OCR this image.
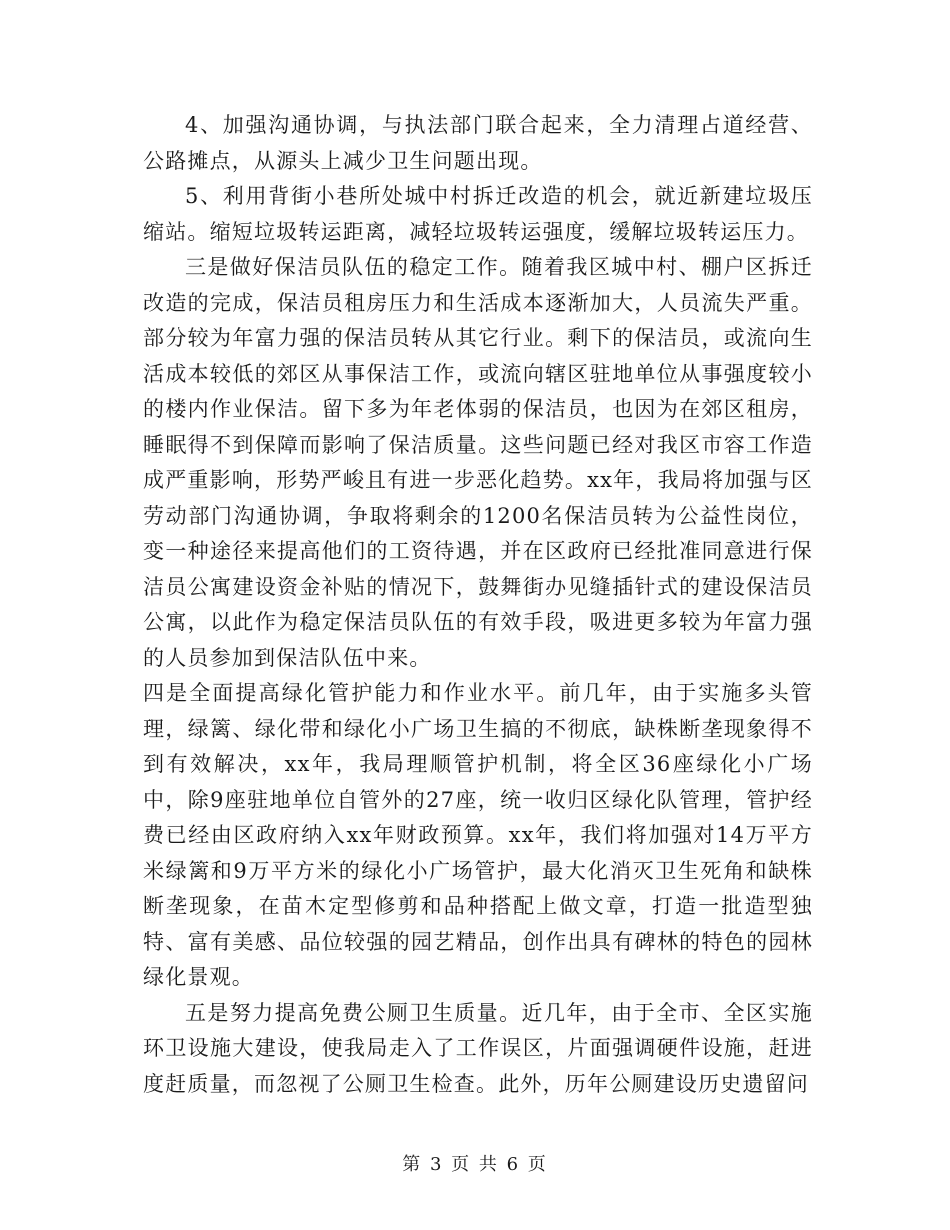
4、加强沟通协调，与执法部门联合起来，全力清理占道经营、公路摊点，从源头上减少卫生问题出现。

5、利用背街小巷所处城中村拆迁改造的机会，就近新建垃圾压缩站。缩短垃圾转运距离，减轻垃圾转运强度，缓解垃圾转运压力。

三是做好保洁员队伍的稳定工作。随着我区城中村、棚户区拆迁改造的完成，保洁员租房压力和生活成本逐渐加大，人员流失严重。部分较为年富力强的保洁员转从其它行业。剩下的保洁员，或流向生活成本较低的郊区从事保洁工作，或流向辖区驻地单位从事强度较小的楼内作业保洁。留下多为年老体弱的保洁员，也因为在郊区租房，睡眠得不到保障而影响了保洁质量。这些问题已经对我区市容工作造成严重影响，形势严峻且有进一步恶化趋势。xx年，我局将加强与区劳动部门沟通协调，争取将剩余的1200名保洁员转为公益性岗位，变一种途径来提高他们的工资待遇，并在区政府已经批准同意进行保洁员公寓建设资金补贴的情况下，鼓舞街办见缝插针式的建设保洁员公寓，以此作为稳定保洁员队伍的有效手段，吸进更多较为年富力强的人员参加到保洁队伍中来。

四是全面提高绿化管护能力和作业水平。前几年，由于实施多头管理，绿篱、绿化带和绿化小广场卫生搞的不彻底，缺株断垄现象得不到有效解决，xx年，我局理顺管护机制，将全区36座绿化小广场中，除9座驻地单位自管外的27座，统一收归区绿化队管理，管护经费已经由区政府纳入xx年财政预算。xx年，我们将加强对14万平方米绿篱和9万平方米的绿化小广场管护，最大化消灭卫生死角和缺株断垄现象，在苗木定型修剪和品种搭配上做文章，打造一批造型独特、富有美感、品位较强的园艺精品，创作出具有碑林的特色的园林绿化景观。

五是努力提高免费公厕卫生质量。近几年，由于全市、全区实施环卫设施大建设，使我局走入了工作误区，片面强调硬件设施，赶进度赶质量，而忽视了公厕卫生检查。此外，历年公厕建设历史遗留问

第 3 页 共 6 页
